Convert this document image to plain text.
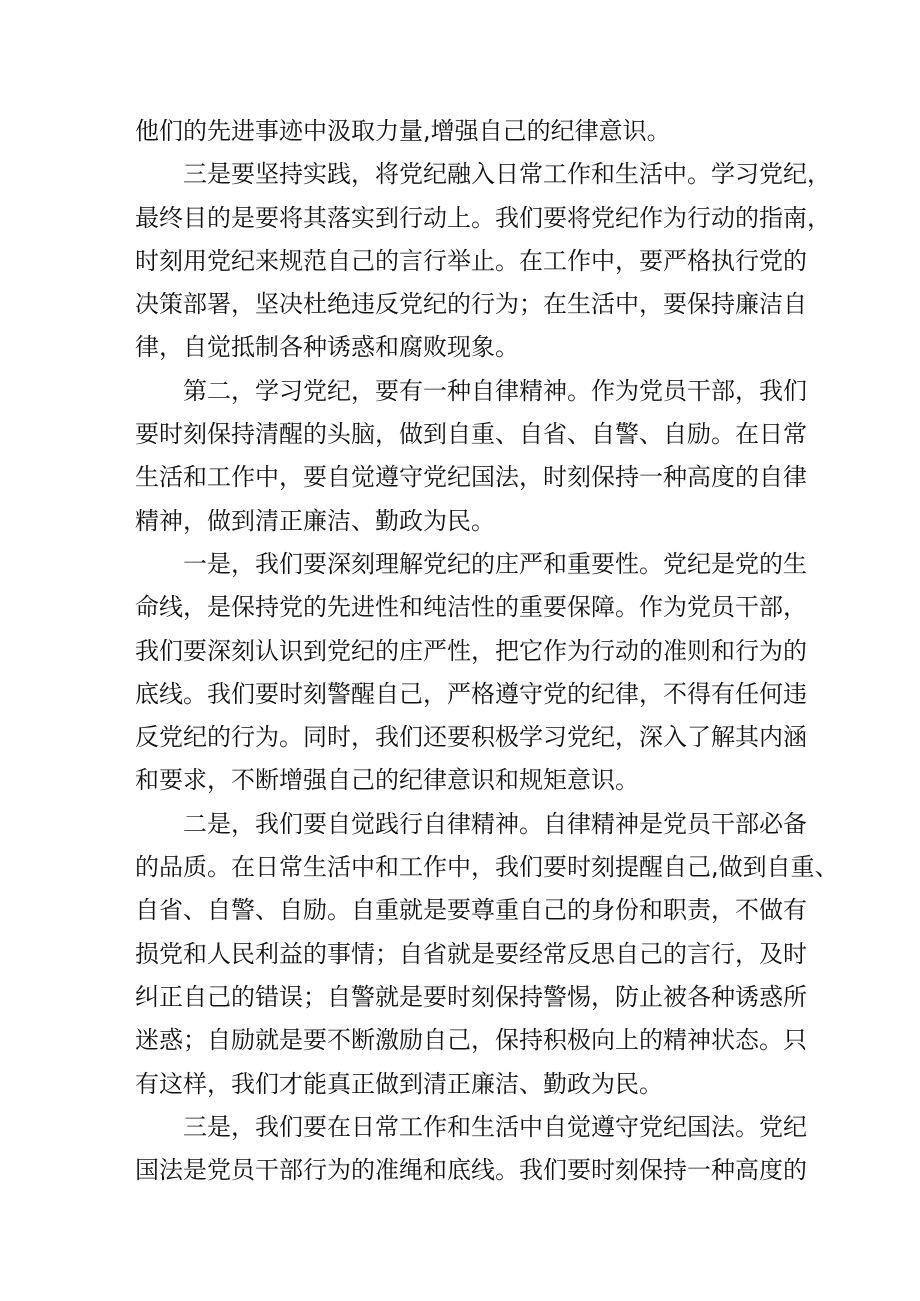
他们的先进事迹中汲取力量,增强自己的纪律意识。
三是要坚持实践，将党纪融入日常工作和生活中。学习党纪，
最终目的是要将其落实到行动上。我们要将党纪作为行动的指南，
时刻用党纪来规范自己的言行举止。在工作中，要严格执行党的
决策部署，坚决杜绝违反党纪的行为；在生活中，要保持廉洁自
律，自觉抵制各种诱惑和腐败现象。
第二，学习党纪，要有一种自律精神。作为党员干部，我们
要时刻保持清醒的头脑，做到自重、自省、自警、自励。在日常
生活和工作中，要自觉遵守党纪国法，时刻保持一种高度的自律
精神，做到清正廉洁、勤政为民。
一是，我们要深刻理解党纪的庄严和重要性。党纪是党的生
命线，是保持党的先进性和纯洁性的重要保障。作为党员干部，
我们要深刻认识到党纪的庄严性，把它作为行动的准则和行为的
底线。我们要时刻警醒自己，严格遵守党的纪律，不得有任何违
反党纪的行为。同时，我们还要积极学习党纪，深入了解其内涵
和要求，不断增强自己的纪律意识和规矩意识。
二是，我们要自觉践行自律精神。自律精神是党员干部必备
的品质。在日常生活中和工作中，我们要时刻提醒自己,做到自重、
自省、自警、自励。自重就是要尊重自己的身份和职责，不做有
损党和人民利益的事情；自省就是要经常反思自己的言行，及时
纠正自己的错误；自警就是要时刻保持警惕，防止被各种诱惑所
迷惑；自励就是要不断激励自己，保持积极向上的精神状态。只
有这样，我们才能真正做到清正廉洁、勤政为民。
三是，我们要在日常工作和生活中自觉遵守党纪国法。党纪
国法是党员干部行为的准绳和底线。我们要时刻保持一种高度的
